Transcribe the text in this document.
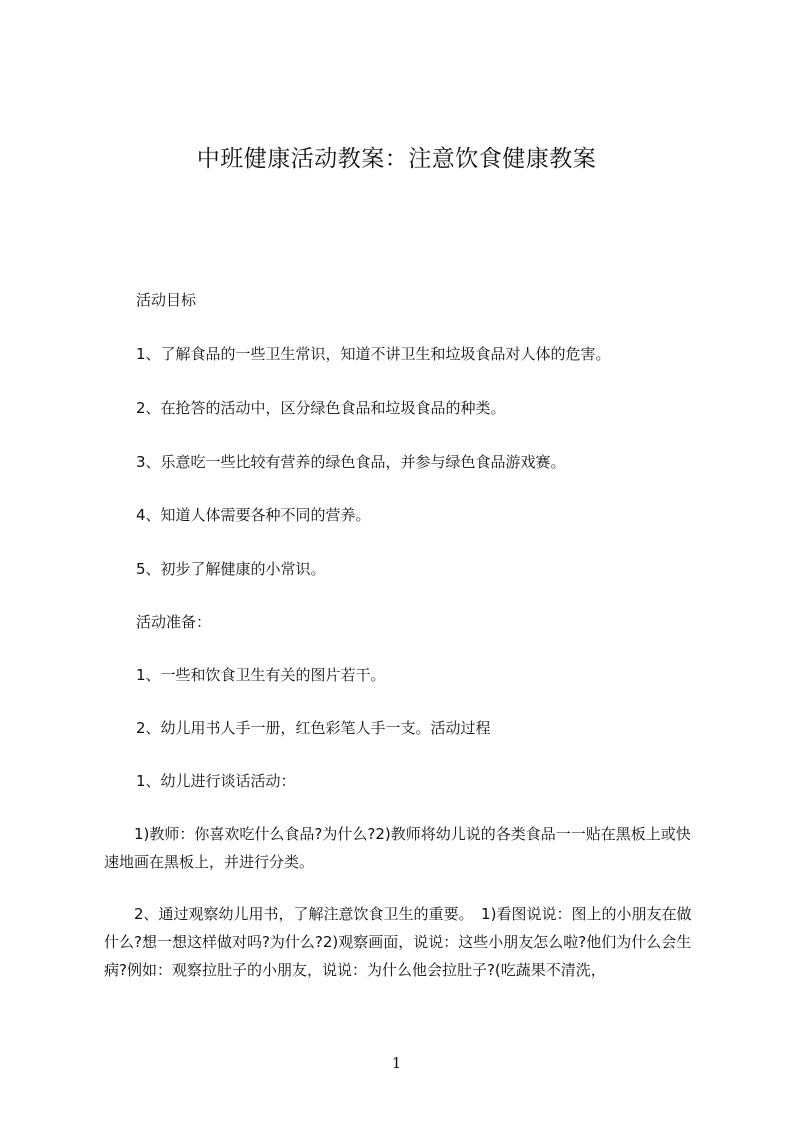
中班健康活动教案：注意饮食健康教案

活动目标

1、了解食品的一些卫生常识，知道不讲卫生和垃圾食品对人体的危害。

2、在抢答的活动中，区分绿色食品和垃圾食品的种类。

3、乐意吃一些比较有营养的绿色食品，并参与绿色食品游戏赛。

4、知道人体需要各种不同的营养。

5、初步了解健康的小常识。

活动准备：

1、一些和饮食卫生有关的图片若干。

2、幼儿用书人手一册，红色彩笔人手一支。活动过程

1、幼儿进行谈话活动：

1)教师：你喜欢吃什么食品?为什么?2)教师将幼儿说的各类食品一一贴在黑板上或快速地画在黑板上，并进行分类。

2、通过观察幼儿用书，了解注意饮食卫生的重要。　1)看图说说：图上的小朋友在做什么?想一想这样做对吗?为什么?2)观察画面，说说：这些小朋友怎么啦?他们为什么会生病?例如：观察拉肚子的小朋友，说说：为什么他会拉肚子?(吃蔬果不清洗，

1
